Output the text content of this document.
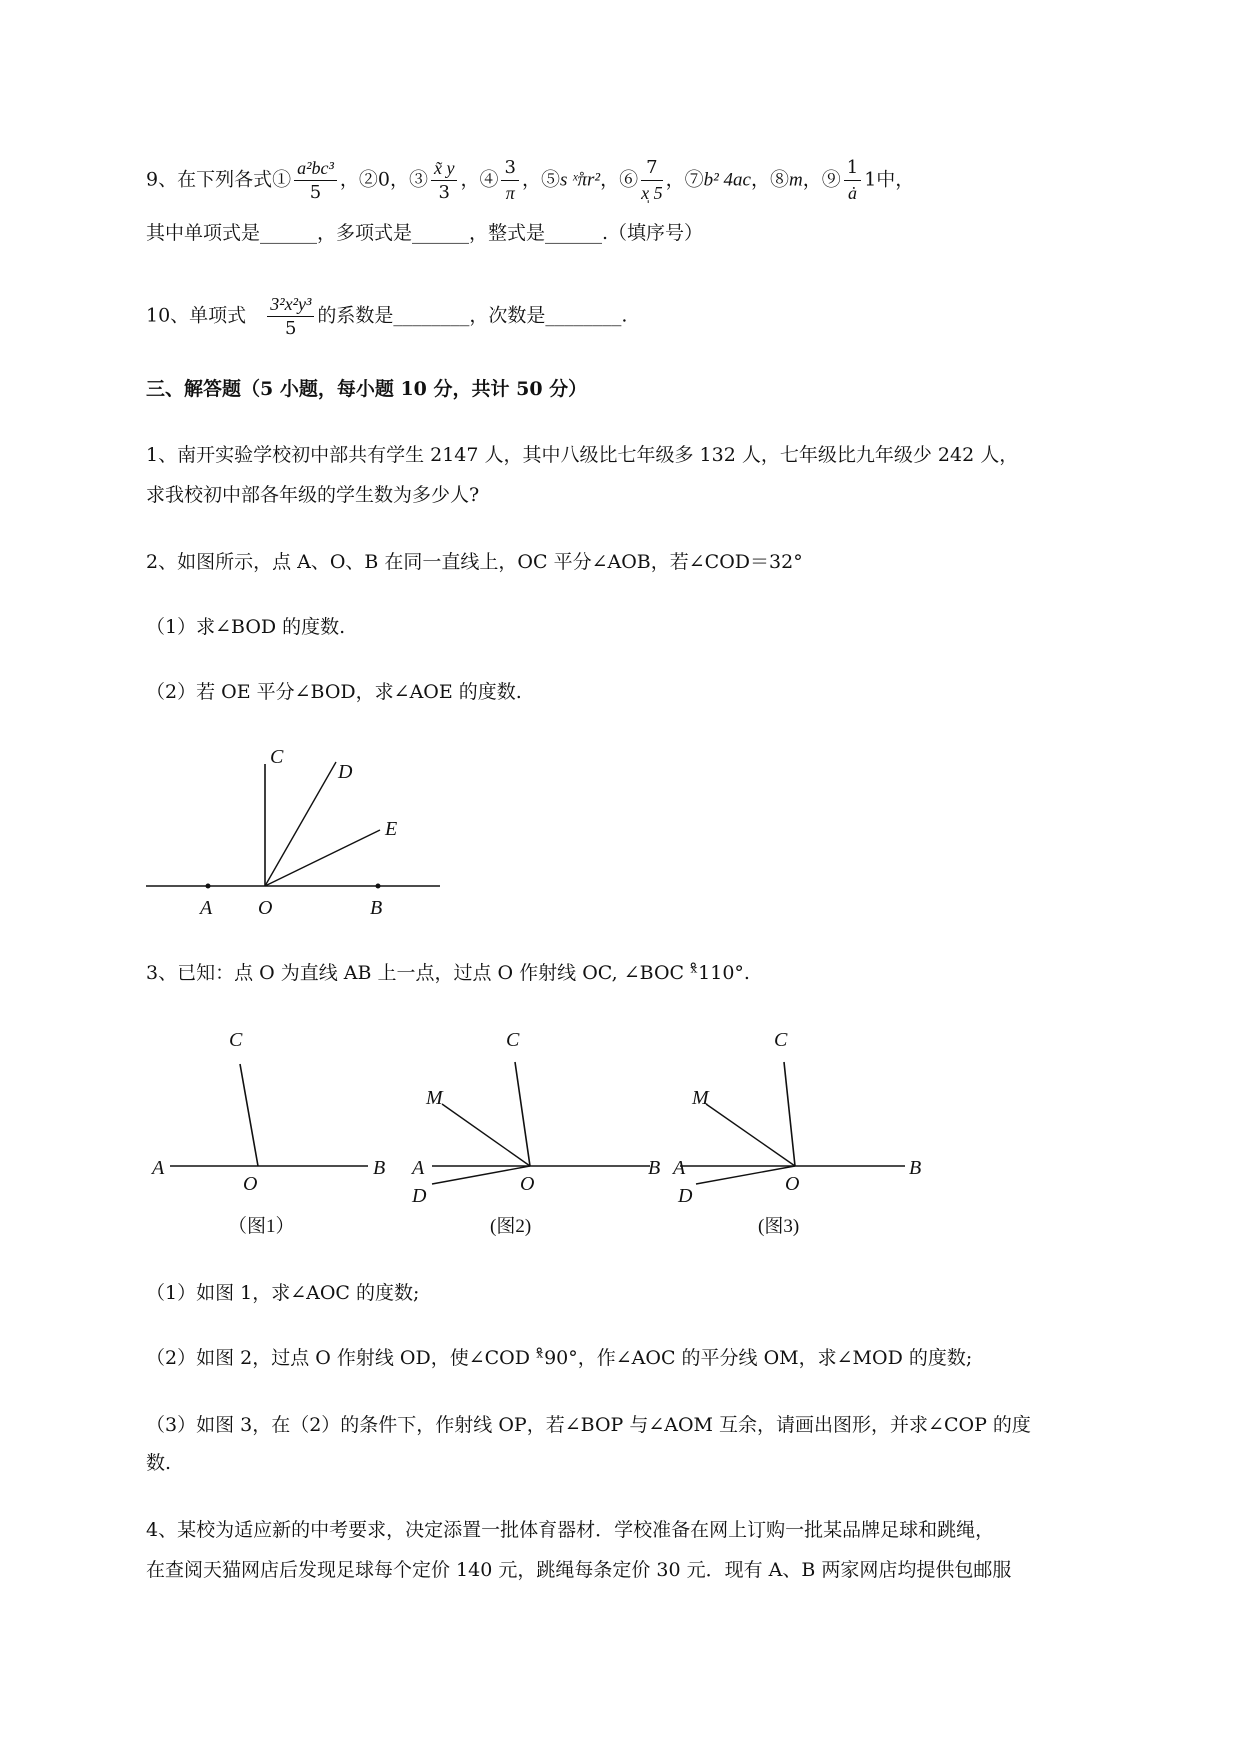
9、在下列各式① $\frac{\text{a²bc³}}{5}$ ，②0，③ $\frac{x̃ y}{3}$ ，④ $\frac{3}{\pi}$ ，⑤s ˣ̊πr²，⑥ $\frac{7}{x̩ 5}$ ，⑦b² 4ac，⑧m，⑨ $\frac{1}{ȧ} 1$中，
其中单项式是______，多项式是______，整式是______.（填序号）
10、单项式 $\frac{\text{3²x²y³}}{5}$ 的系数是________，次数是________.
三、解答题（5 小题，每小题 10 分，共计 50 分）
1、南开实验学校初中部共有学生 2147 人，其中八级比七年级多 132 人，七年级比九年级少 242 人，
求我校初中部各年级的学生数为多少人?
2、如图所示，点 A、O、B 在同一直线上，OC 平分∠AOB，若∠COD＝32°
（1）求∠BOD 的度数.
（2）若 OE 平分∠BOD，求∠AOE 的度数.
C
D
E
A O	B
3、已知：点 O 为直线 AB 上一点，过点 O 作射线 OC, ∠BOC ˣ̊110°.
A	B
C
O
（图1）
A	B
C
M
D
O
(图2)
A	B
C
M
D
O
(图3)
（1）如图 1，求∠AOC 的度数;
（2）如图 2，过点 O 作射线 OD，使∠COD ˣ̊90°，作∠AOC 的平分线 OM，求∠MOD 的度数;
（3）如图 3，在（2）的条件下，作射线 OP，若∠BOP 与∠AOM 互余，请画出图形，并求∠COP 的度
数.
4、某校为适应新的中考要求，决定添置一批体育器材．学校准备在网上订购一批某品牌足球和跳绳，
在查阅天猫网店后发现足球每个定价 140 元，跳绳每条定价 30 元．现有 A、B 两家网店均提供包邮服
